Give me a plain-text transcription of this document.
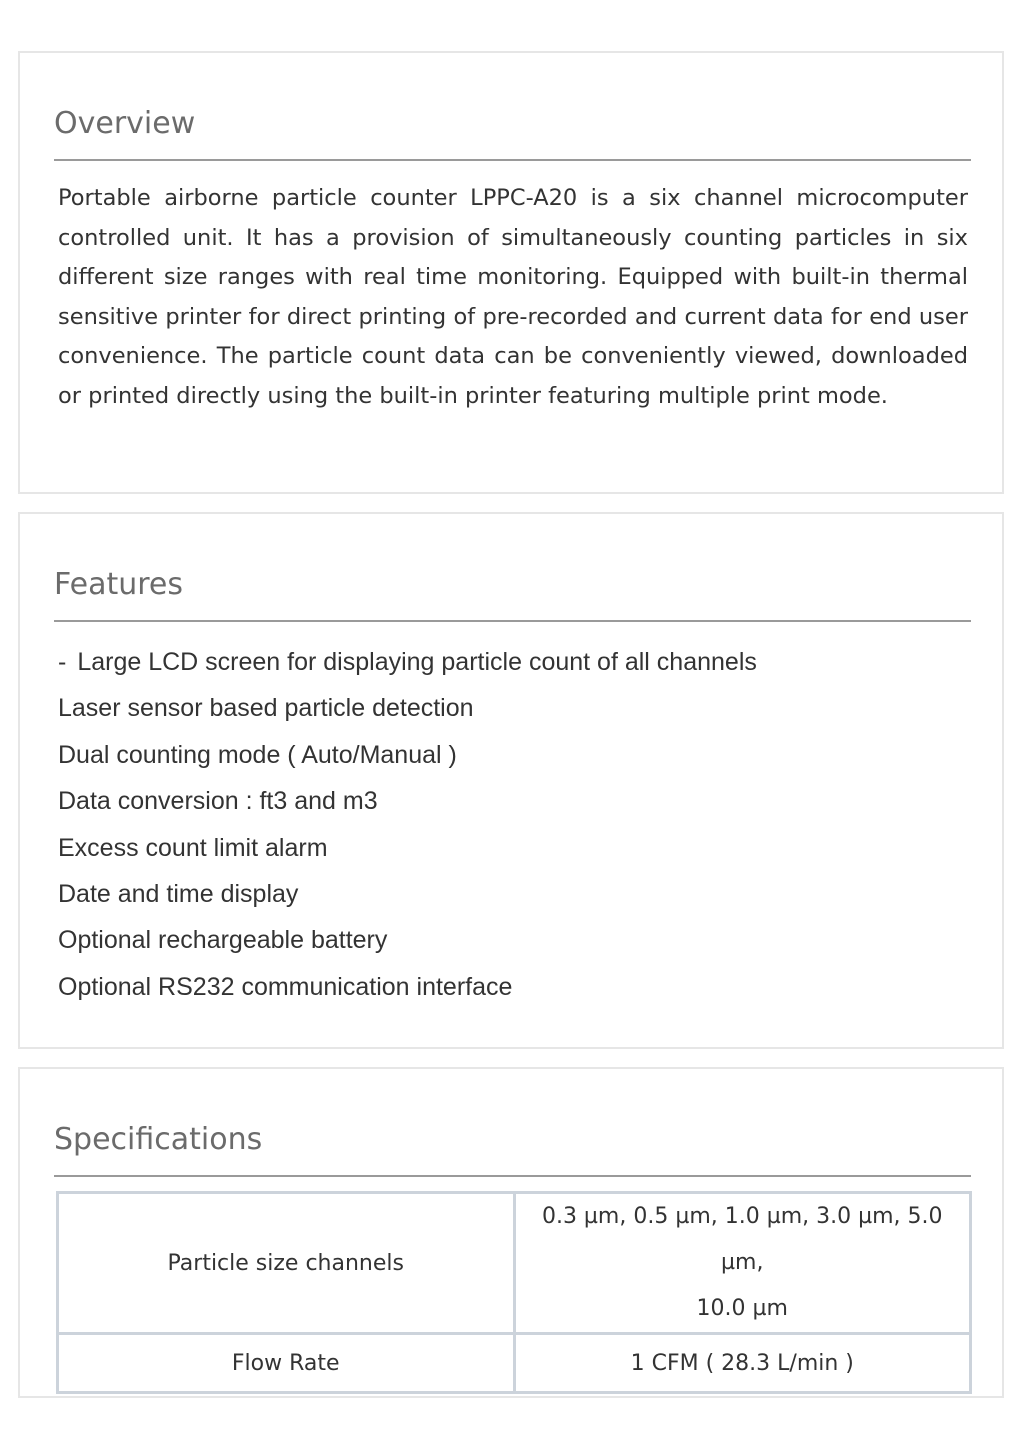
Overview

Portable airborne particle counter LPPC-A20 is a six channel microcomputer controlled unit. It has a provision of simultaneously counting particles in six different size ranges with real time monitoring. Equipped with built-in thermal sensitive printer for direct printing of pre-recorded and current data for end user convenience. The particle count data can be conveniently viewed, downloaded or printed directly using the built-in printer featuring multiple print mode.

Features
- Large LCD screen for displaying particle count of all channels
Laser sensor based particle detection
Dual counting mode ( Auto/Manual )
Data conversion : ft3 and m3
Excess count limit alarm
Date and time display
Optional rechargeable battery
Optional RS232 communication interface
Specifications
Particle size channels	0.3 µm, 0.5 µm, 1.0 µm, 3.0 µm, 5.0 µm,
10.0 µm
Flow Rate	1 CFM ( 28.3 L/min )
